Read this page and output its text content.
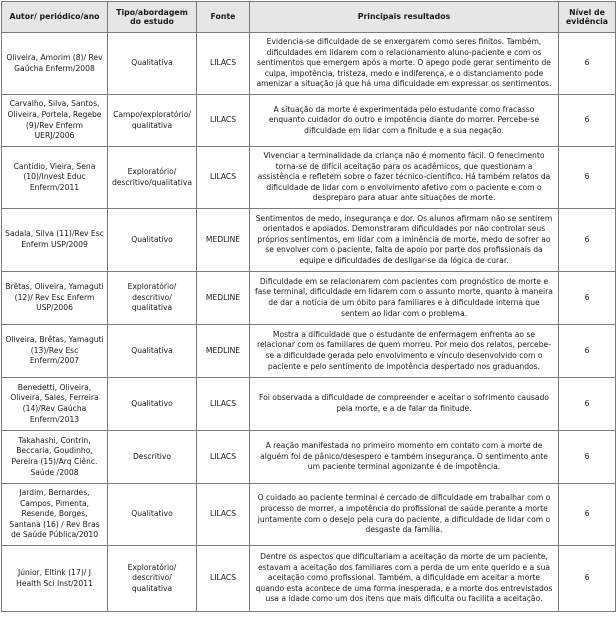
Autor/ periódico/ano	Tipo/abordagem do estudo	Fonte	Principais resultados	Nível de evidência
Oliveira, Amorim (8)/ Rev Gaúcha Enferm/2008	Qualitativa	LILACS	Evidencia-se dificuldade de se enxergarem como seres finitos. Também, dificuldades em lidarem com o relacionamento aluno-paciente e com os sentimentos que emergem após a morte. O apego pode gerar sentimento de culpa, impotência, tristeza, medo e indiferença, e o distanciamento pode amenizar a situação já que há uma dificuldade em expressar os sentimentos.	6
Carvalho, Silva, Santos, Oliveira, Portela, Regebe (9)/Rev Enferm UERJ/2006	Campo/exploratório/ qualitativa	LILACS	A situação da morte é experimentada pelo estudante como fracasso enquanto cuidador do outro e impotência diante do morrer. Percebe-se dificuldade em lidar com a finitude e a sua negação.	6
Cantídio, Vieira, Sena (10)/Invest Educ Enferm/2011	Exploratório/ descritivo/qualitativa	LILACS	Vivenciar a terminalidade da criança não é momento fácil. O fenecimento torna-se de difícil aceitação para os acadêmicos, que questionam a assistência e refletem sobre o fazer técnico-científico. Há também relatos da dificuldade de lidar com o envolvimento afetivo com o paciente e com o despreparo para atuar ante situações de morte.	6
Sadala, Silva (11)/Rev Esc Enferm USP/2009	Qualitativo	MEDLINE	Sentimentos de medo, insegurança e dor. Os alunos afirmam não se sentirem orientados e apoiados. Demonstraram dificuldades por não controlar seus próprios sentimentos, em lidar com a iminência de morte, medo de sofrer ao se envolver com o paciente, falta de apoio por parte dos profissionais da equipe e dificuldades de desligar-se da lógica de curar.	6
Brêtas, Oliveira, Yamaguti (12)/ Rev Esc Enferm USP/2006	Exploratório/ descritivo/ qualitativa	MEDLINE	Dificuldade em se relacionarem com pacientes com prognóstico de morte e fase terminal, dificuldade em lidarem com o assunto morte, quanto à maneira de dar a notícia de um óbito para familiares e à dificuldade interna que sentem ao lidar com o problema.	6
Oliveira, Brêtas, Yamaguti (13)/Rev Esc Enferm/2007	Qualitativa	MEDLINE	Mostra a dificuldade que o estudante de enfermagem enfrenta ao se relacionar com os familiares de quem morreu. Por meio dos relatos, percebe-se a dificuldade gerada pelo envolvimento e vínculo desenvolvido com o paciente e pelo sentimento de impotência despertado nos graduandos.	6
Benedetti, Oliveira, Oliveira, Sales, Ferreira (14)/Rev Gaúcha Enferm/2013	Qualitativo	LILACS	Foi observada a dificuldade de compreender e aceitar o sofrimento causado pela morte, e a de falar da finitude.	6
Takahashi, Contrin, Beccaria, Goudinho, Pereira (15)/Arq Ciênc. Saúde /2008	Descritivo	LILACS	A reação manifestada no primeiro momento em contato com a morte de alguém foi de pânico/desespero e também insegurança. O sentimento ante um paciente terminal agonizante é de impotência.	6
Jardim, Bernardes, Campos, Pimenta, Resende, Borges, Santana (16) / Rev Bras de Saúde Pública/2010	Qualitativo	LILACS	O cuidado ao paciente terminal é cercado de dificuldade em trabalhar com o processo de morrer, a impotência do profissional de saúde perante a morte juntamente com o desejo pela cura do paciente, a dificuldade de lidar com o desgaste da família.	6
Júnior, Eltink (17)/ J Health Sci Inst/2011	Exploratório/ descritivo/ qualitativa	LILACS	Dentre os aspectos que dificultariam a aceitação da morte de um paciente, estavam a aceitação dos familiares com a perda de um ente querido e a sua aceitação como profissional. Também, a dificuldade em aceitar a morte quando esta acontece de uma forma inesperada, e a morte dos entrevistados usa a idade como um dos itens que mais dificulta ou facilita a aceitação.	6
